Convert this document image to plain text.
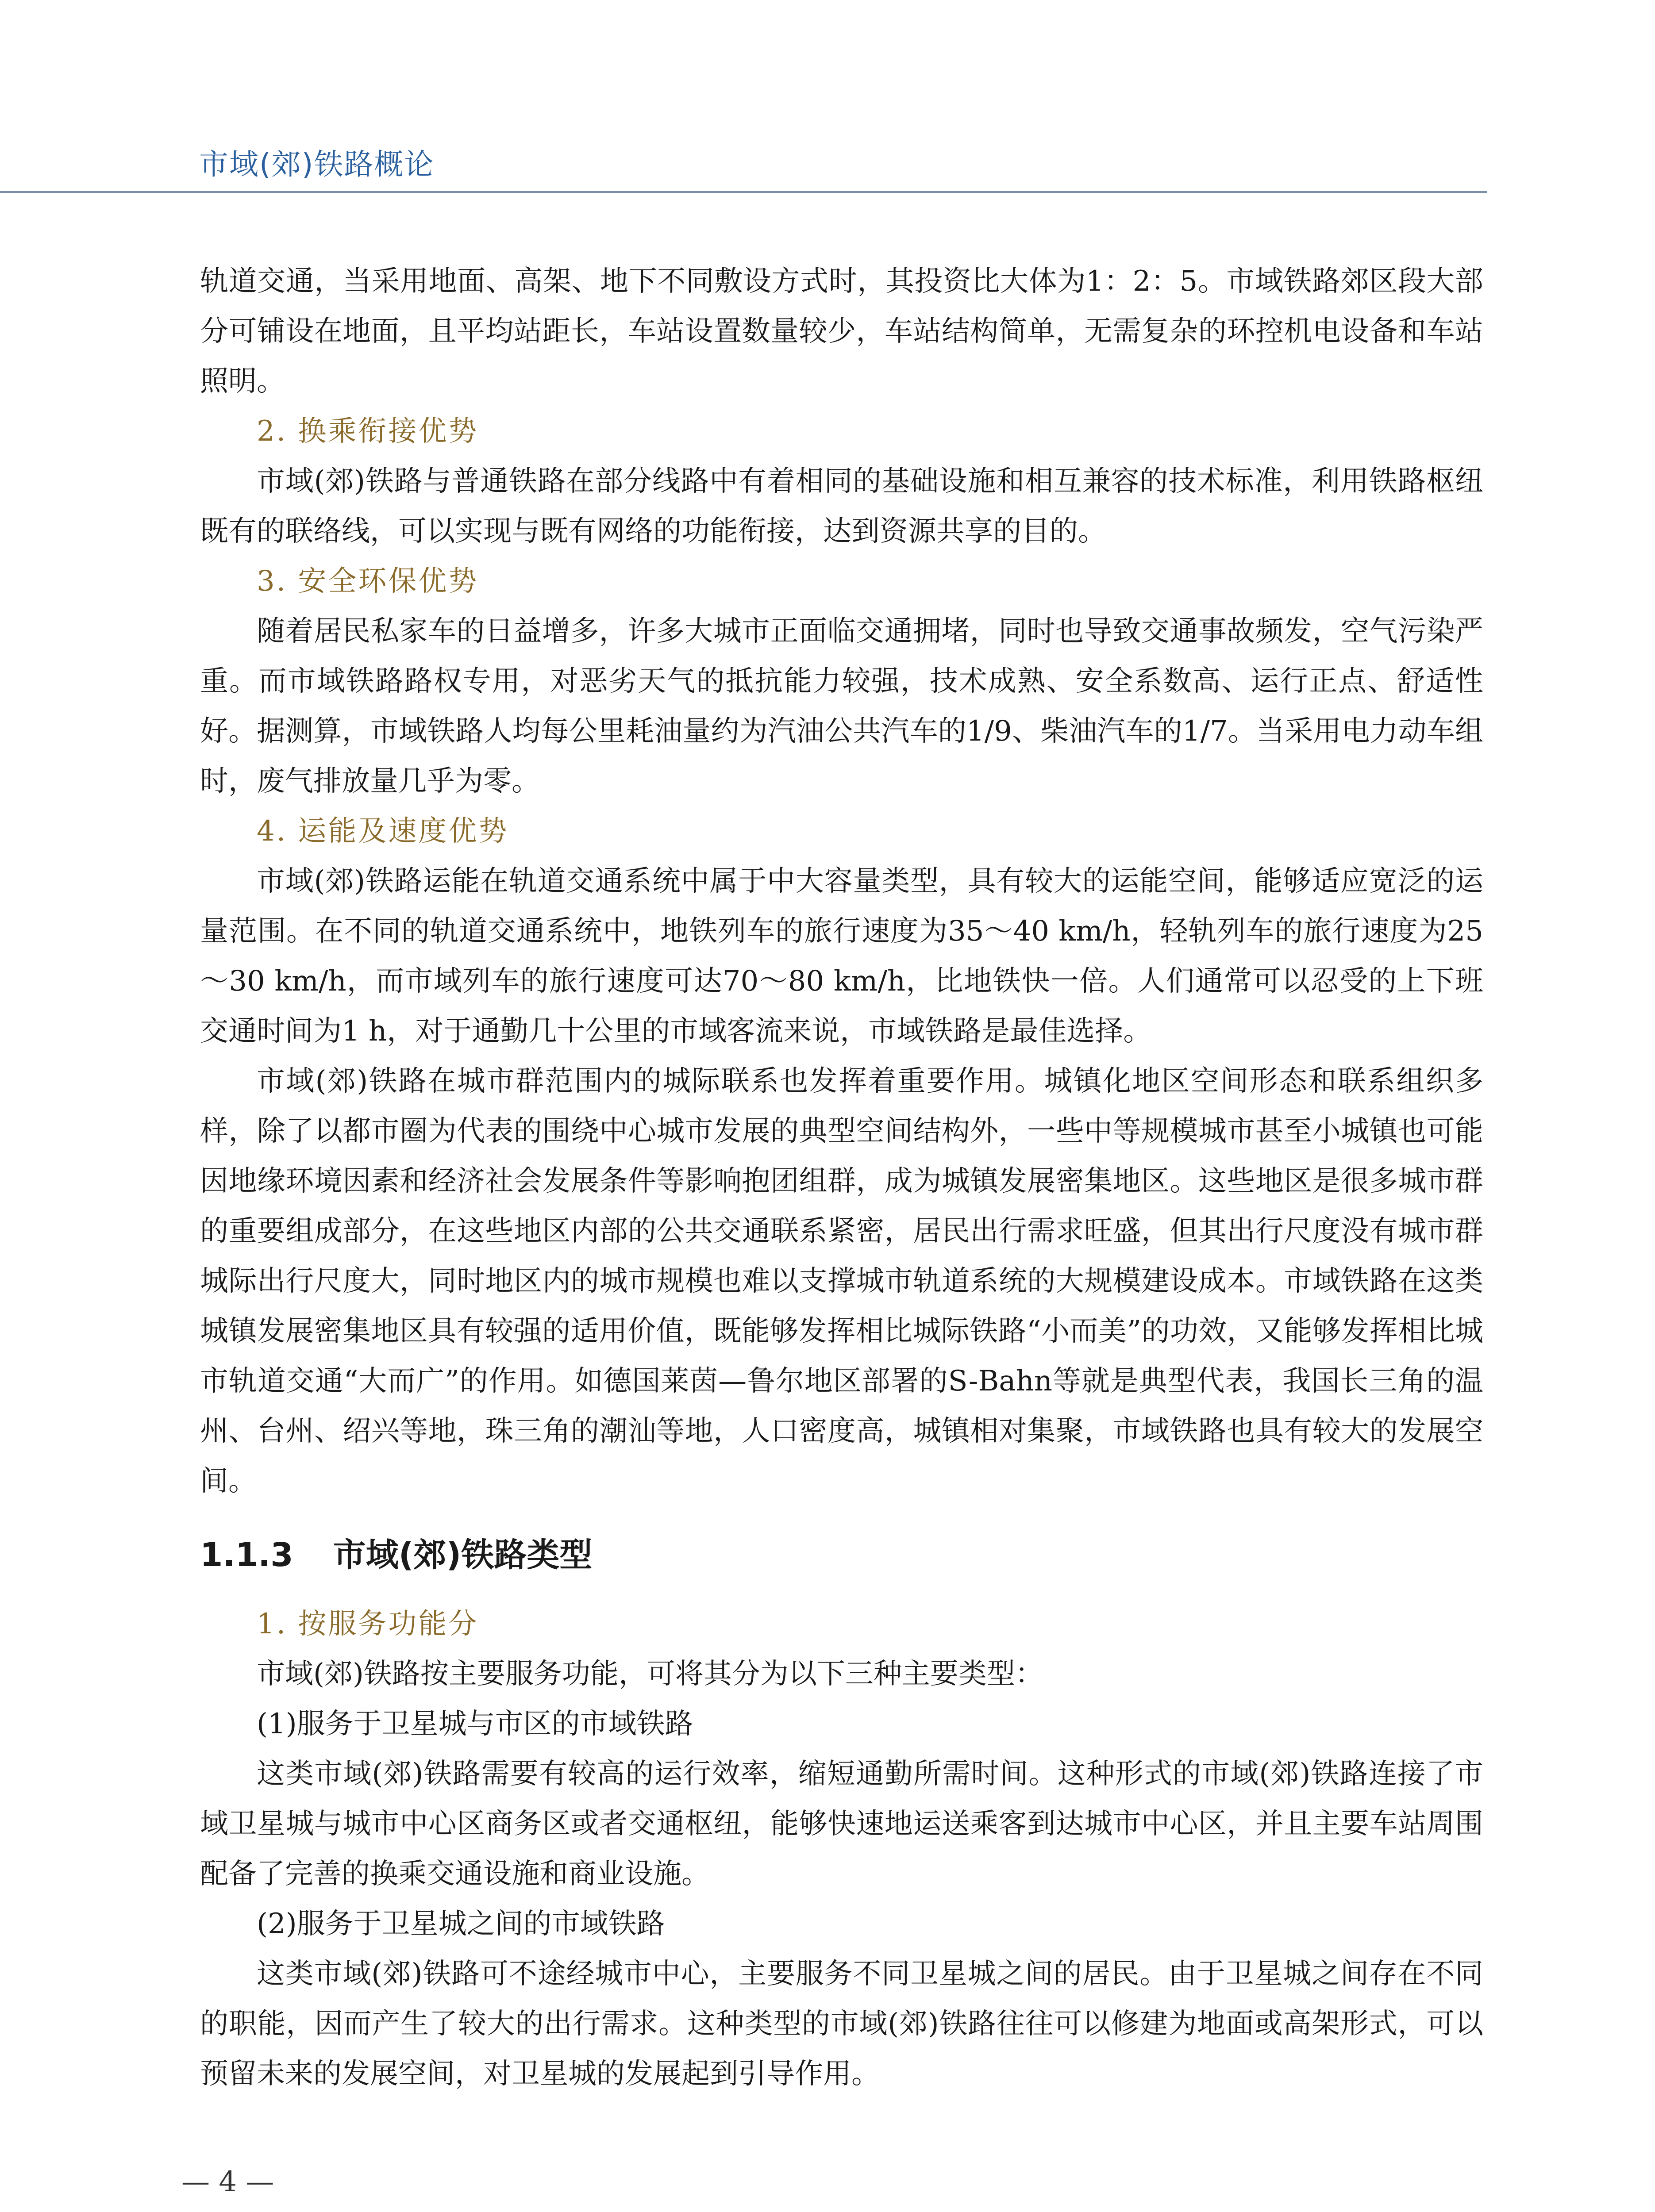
市域(郊)铁路概论

轨道交通，当采用地面、高架、地下不同敷设方式时，其投资比大体为1：2：5。市域铁路郊区段大部分可铺设在地面，且平均站距长，车站设置数量较少，车站结构简单，无需复杂的环控机电设备和车站照明。

2. 换乘衔接优势

市域(郊)铁路与普通铁路在部分线路中有着相同的基础设施和相互兼容的技术标准，利用铁路枢纽既有的联络线，可以实现与既有网络的功能衔接，达到资源共享的目的。

3. 安全环保优势

随着居民私家车的日益增多，许多大城市正面临交通拥堵，同时也导致交通事故频发，空气污染严重。而市域铁路路权专用，对恶劣天气的抵抗能力较强，技术成熟、安全系数高、运行正点、舒适性好。据测算，市域铁路人均每公里耗油量约为汽油公共汽车的1/9、柴油汽车的1/7。当采用电力动车组时，废气排放量几乎为零。

4. 运能及速度优势

市域(郊)铁路运能在轨道交通系统中属于中大容量类型，具有较大的运能空间，能够适应宽泛的运量范围。在不同的轨道交通系统中，地铁列车的旅行速度为35～40 km/h，轻轨列车的旅行速度为25～30 km/h，而市域列车的旅行速度可达70～80 km/h，比地铁快一倍。人们通常可以忍受的上下班交通时间为1 h，对于通勤几十公里的市域客流来说，市域铁路是最佳选择。

市域(郊)铁路在城市群范围内的城际联系也发挥着重要作用。城镇化地区空间形态和联系组织多样，除了以都市圈为代表的围绕中心城市发展的典型空间结构外，一些中等规模城市甚至小城镇也可能因地缘环境因素和经济社会发展条件等影响抱团组群，成为城镇发展密集地区。这些地区是很多城市群的重要组成部分，在这些地区内部的公共交通联系紧密，居民出行需求旺盛，但其出行尺度没有城市群城际出行尺度大，同时地区内的城市规模也难以支撑城市轨道系统的大规模建设成本。市域铁路在这类城镇发展密集地区具有较强的适用价值，既能够发挥相比城际铁路“小而美”的功效，又能够发挥相比城市轨道交通“大而广”的作用。如德国莱茵—鲁尔地区部署的S-Bahn等就是典型代表，我国长三角的温州、台州、绍兴等地，珠三角的潮汕等地，人口密度高，城镇相对集聚，市域铁路也具有较大的发展空间。

1.1.3 市域(郊)铁路类型

1. 按服务功能分

市域(郊)铁路按主要服务功能，可将其分为以下三种主要类型：

(1)服务于卫星城与市区的市域铁路

这类市域(郊)铁路需要有较高的运行效率，缩短通勤所需时间。这种形式的市域(郊)铁路连接了市域卫星城与城市中心区商务区或者交通枢纽，能够快速地运送乘客到达城市中心区，并且主要车站周围配备了完善的换乘交通设施和商业设施。

(2)服务于卫星城之间的市域铁路

这类市域(郊)铁路可不途经城市中心，主要服务不同卫星城之间的居民。由于卫星城之间存在不同的职能，因而产生了较大的出行需求。这种类型的市域(郊)铁路往往可以修建为地面或高架形式，可以预留未来的发展空间，对卫星城的发展起到引导作用。

— 4 —
